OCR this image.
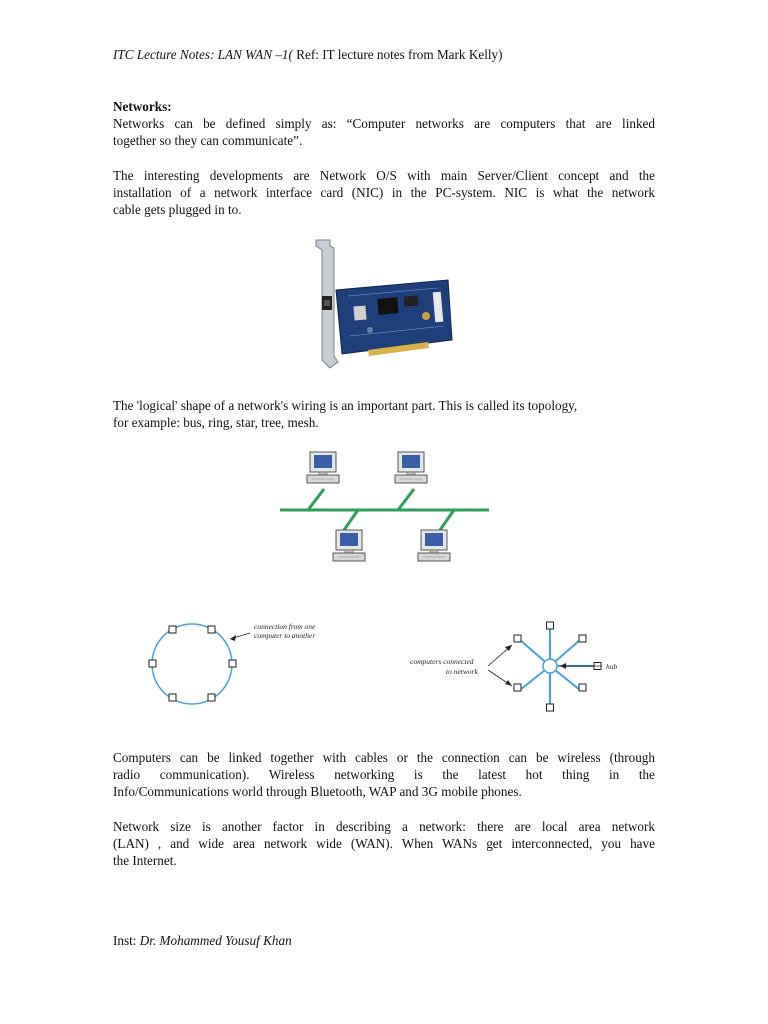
ITC Lecture Notes: LAN WAN –1( Ref: IT lecture notes from Mark Kelly)
Networks:
Networks can be defined simply as: “Computer networks are computers that are linked
together so they can communicate”.
The interesting developments are Network O/S with main Server/Client concept and the
installation of a network interface card (NIC) in the PC-system. NIC is what the network
cable gets plugged in to.
The 'logical' shape of a network's wiring is an important part. This is called its topology,
for example: bus, ring, star, tree, mesh.
connection from one
computer to another
computers connected
to network
hub
Computers can be linked together with cables or the connection can be wireless (through
radio communication). Wireless networking is the latest hot thing in the
Info/Communications world through Bluetooth, WAP and 3G mobile phones.
Network size is another factor in describing a network: there are local area network
(LAN) , and wide area network wide (WAN). When WANs get interconnected, you have
the Internet.
Inst: Dr. Mohammed Yousuf Khan
